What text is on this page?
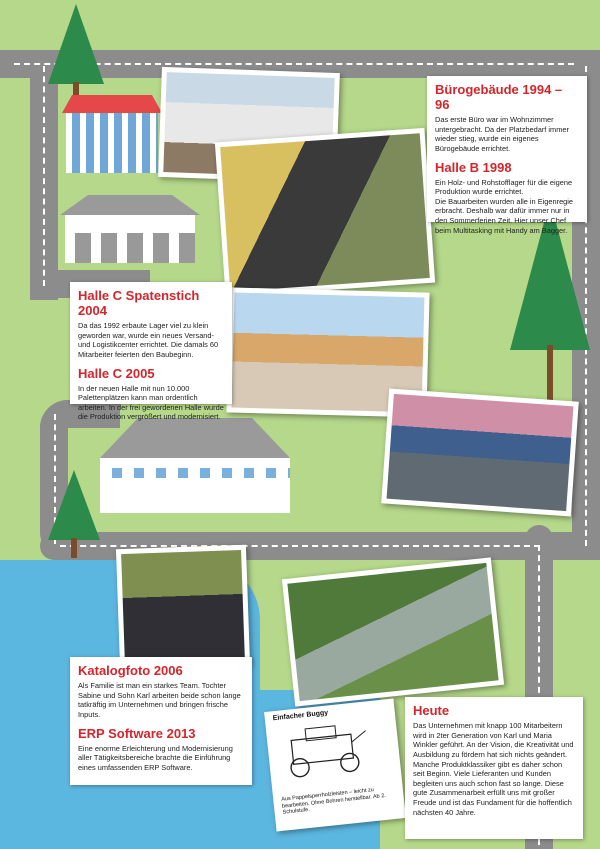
Einfacher Buggy
Aus Pappelsperrholzleisten – leicht zu bearbeiten. Ohne Bohren herstellbar. Ab 2. Schulstufe.
Bürogebäude 1994 – 96

Das erste Büro war im Wohnzimmer untergebracht. Da der Platzbedarf immer wieder stieg, wurde ein eigenes Bürogebäude errichtet.

Halle B 1998

Ein Holz- und Rohstofflager für die eigene Produktion wurde errichtet.
Die Bauarbeiten wurden alle in Eigenregie erbracht. Deshalb war dafür immer nur in den Sommerferien Zeit. Hier unser Chef beim Multitasking mit Handy am Bagger.

Halle C Spatenstich 2004

Da das 1992 erbaute Lager viel zu klein geworden war, wurde ein neues Versand- und Logistikcenter errichtet. Die damals 60 Mitarbeiter feierten den Baubeginn.

Halle C 2005

In der neuen Halle mit nun 10.000 Palettenplätzen kann man ordentlich arbeiten. In der frei gewordenen Halle wurde die Produktion vergrößert und modernisiert.

Katalogfoto 2006

Als Familie ist man ein starkes Team. Tochter Sabine und Sohn Karl arbeiten beide schon lange tatkräftig im Unternehmen und bringen frische Inputs.

ERP Software 2013

Eine enorme Erleichterung und Modernisierung aller Tätigkeitsbereiche brachte die Einführung eines umfassenden ERP Software.

Heute

Das Unternehmen mit knapp 100 Mitarbeitern wird in 2ter Generation von Karl und Maria Winkler geführt. An der Vision, die Kreativität und Ausbildung zu fördern hat sich nichts geändert. Manche Produktklassiker gibt es daher schon seit Beginn. Viele Lieferanten und Kunden begleiten uns auch schon fast so lange. Diese gute Zusammenarbeit erfüllt uns mit großer Freude und ist das Fundament für die hoffentlich nächsten 40 Jahre.
